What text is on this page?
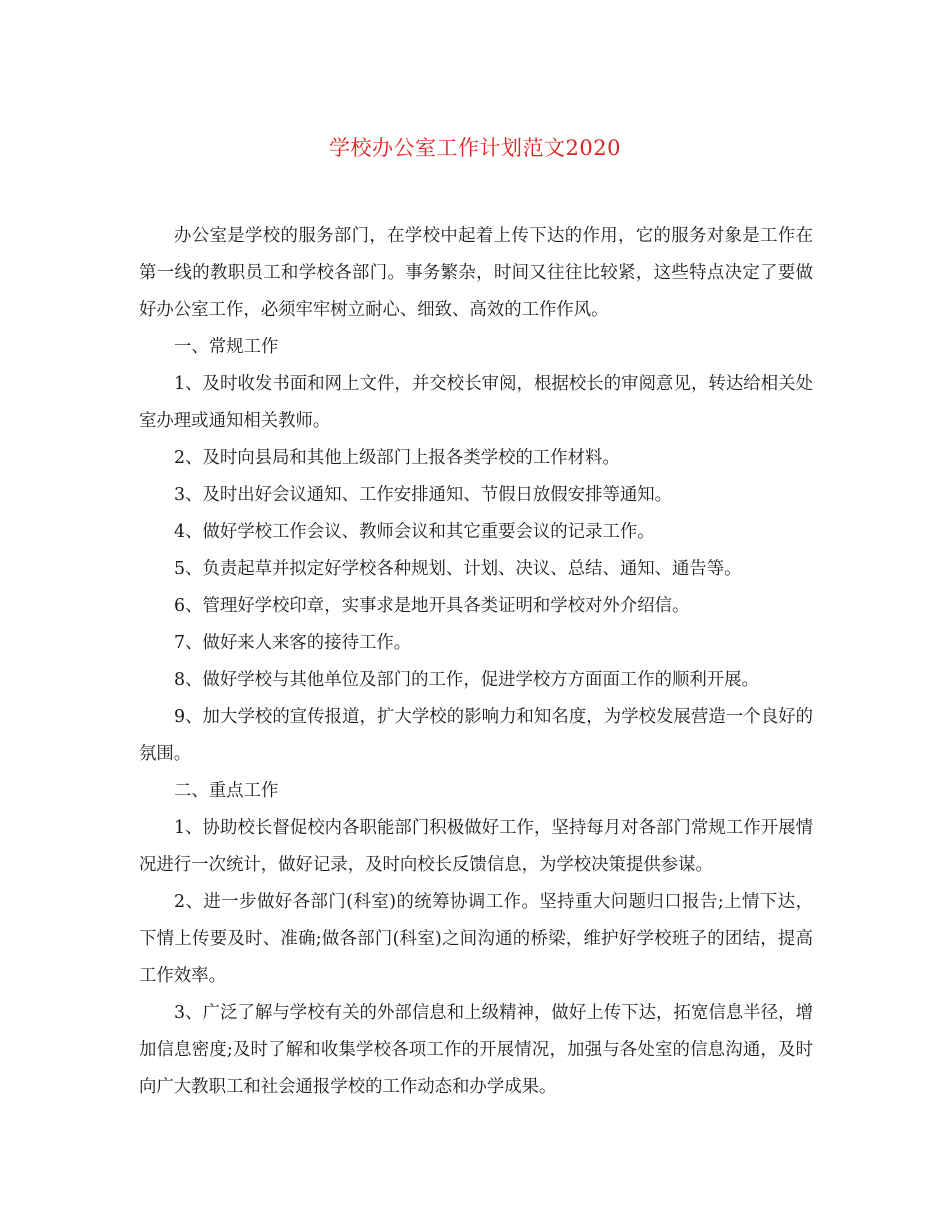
学校办公室工作计划范文2020

办公室是学校的服务部门，在学校中起着上传下达的作用，它的服务对象是工作在第一线的教职员工和学校各部门。事务繁杂，时间又往往比较紧，这些特点决定了要做好办公室工作，必须牢牢树立耐心、细致、高效的工作作风。

一、常规工作

1、及时收发书面和网上文件，并交校长审阅，根据校长的审阅意见，转达给相关处室办理或通知相关教师。

2、及时向县局和其他上级部门上报各类学校的工作材料。

3、及时出好会议通知、工作安排通知、节假日放假安排等通知。

4、做好学校工作会议、教师会议和其它重要会议的记录工作。

5、负责起草并拟定好学校各种规划、计划、决议、总结、通知、通告等。

6、管理好学校印章，实事求是地开具各类证明和学校对外介绍信。

7、做好来人来客的接待工作。

8、做好学校与其他单位及部门的工作，促进学校方方面面工作的顺利开展。

9、加大学校的宣传报道，扩大学校的影响力和知名度，为学校发展营造一个良好的氛围。

二、重点工作

1、协助校长督促校内各职能部门积极做好工作，坚持每月对各部门常规工作开展情况进行一次统计，做好记录，及时向校长反馈信息，为学校决策提供参谋。

2、进一步做好各部门(科室)的统筹协调工作。坚持重大问题归口报告;上情下达，下情上传要及时、准确;做各部门(科室)之间沟通的桥梁，维护好学校班子的团结，提高工作效率。

3、广泛了解与学校有关的外部信息和上级精神，做好上传下达，拓宽信息半径，增加信息密度;及时了解和收集学校各项工作的开展情况，加强与各处室的信息沟通，及时向广大教职工和社会通报学校的工作动态和办学成果。
